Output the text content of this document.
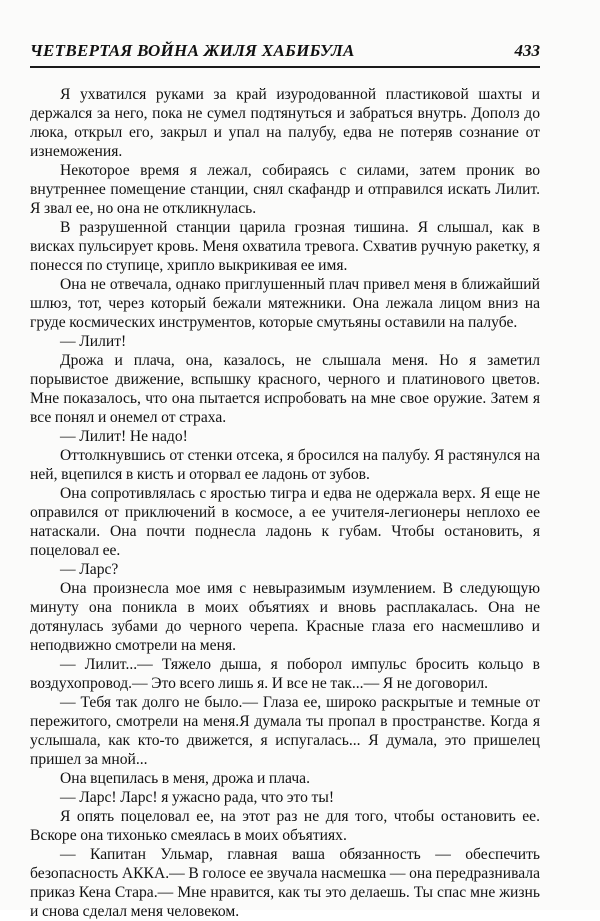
ЧЕТВЕРТАЯ ВОЙНА ЖИЛЯ ХАБИБУЛА	433

Я ухватился руками за край изуродованной пластиковой шахты и держался за него, пока не сумел подтянуться и забраться внутрь. Дополз до люка, открыл его, закрыл и упал на палубу, едва не потеряв сознание от изнеможения.

Некоторое время я лежал, собираясь с силами, затем проник во внутреннее помещение станции, снял скафандр и отправился искать Лилит. Я звал ее, но она не откликнулась.

В разрушенной станции царила грозная тишина. Я слышал, как в висках пульсирует кровь. Меня охватила тревога. Схватив ручную ракетку, я понесся по ступице, хрипло выкрикивая ее имя.

Она не отвечала, однако приглушенный плач привел меня в ближайший шлюз, тот, через который бежали мятежники. Она лежала лицом вниз на груде космических инструментов, которые смутьяны оставили на палубе.

— Лилит!

Дрожа и плача, она, казалось, не слышала меня. Но я заметил порывистое движение, вспышку красного, черного и платинового цветов. Мне показалось, что она пытается испробовать на мне свое оружие. Затем я все понял и онемел от страха.

— Лилит! Не надо!

Оттолкнувшись от стенки отсека, я бросился на палубу. Я растянулся на ней, вцепился в кисть и оторвал ее ладонь от зубов.

Она сопротивлялась с яростью тигра и едва не одержала верх. Я еще не оправился от приключений в космосе, а ее учителя-легионеры неплохо ее натаскали. Она почти поднесла ладонь к губам. Чтобы остановить, я поцеловал ее.

— Ларс?

Она произнесла мое имя с невыразимым изумлением. В следующую минуту она поникла в моих объятиях и вновь расплакалась. Она не дотянулась зубами до черного черепа. Красные глаза его насмешливо и неподвижно смотрели на меня.

— Лилит...— Тяжело дыша, я поборол импульс бросить кольцо в воздухопровод.— Это всего лишь я. И все не так...— Я не договорил.

— Тебя так долго не было.— Глаза ее, широко раскрытые и темные от пережитого, смотрели на меня.Я думала ты пропал в пространстве. Когда я услышала, как кто-то движется, я испугалась... Я думала, это пришелец пришел за мной...

Она вцепилась в меня, дрожа и плача.

— Ларс! Ларс! я ужасно рада, что это ты!

Я опять поцеловал ее, на этот раз не для того, чтобы остановить ее. Вскоре она тихонько смеялась в моих объятиях.

— Капитан Ульмар, главная ваша обязанность — обеспечить безопасность АККА.— В голосе ее звучала насмешка — она передразнивала приказ Кена Стара.— Мне нравится, как ты это делаешь. Ты спас мне жизнь и снова сделал меня человеком.
